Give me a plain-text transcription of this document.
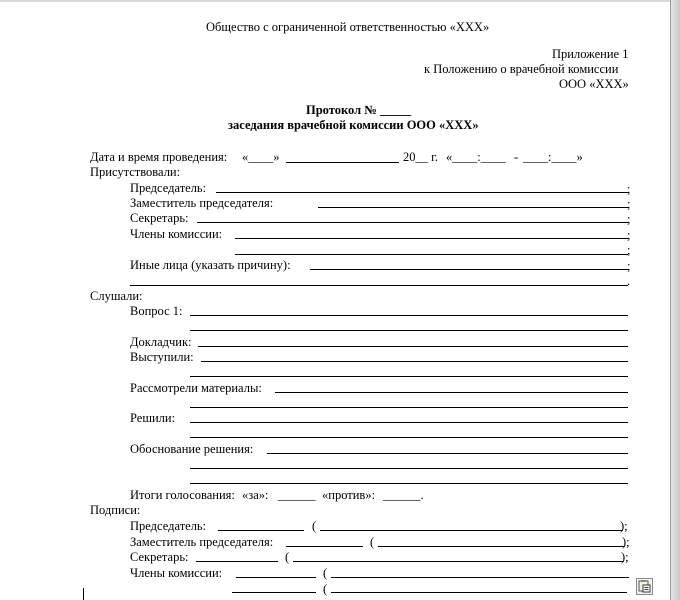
Общество с ограниченной ответственностью «ХХХ»
Приложение 1
к Положению о врачебной комиссии
ООО «ХХХ»
Протокол № _____
заседания врачебной комиссии ООО «ХХХ»
Дата и время проведения: «____»	20__ г. «____:____ - ____:____»
Присутствовали:
Председатель:	;
Заместитель председателя:	;
Секретарь:	;
Члены комиссии:	;
;
Иные лица (указать причину):	;
.
Слушали:
Вопрос 1:
Докладчик:
Выступили:
Рассмотрели материалы:
Решили:
Обоснование решения:
Итоги голосования: «за»: ______ «против»: ______.
Подписи:
Председатель:	(	);
Заместитель председателя:	(	);
Секретарь:	(	);
Члены комиссии:	(
(
